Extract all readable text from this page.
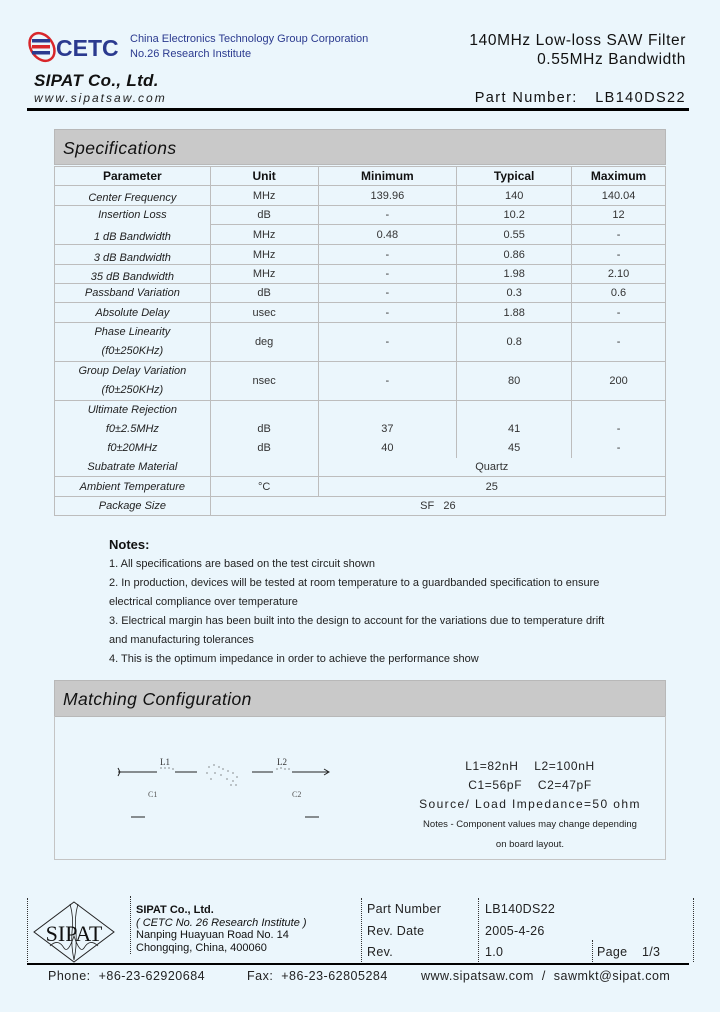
CETC China Electronics Technology Group Corporation
No.26 Research Institute
SIPAT Co., Ltd.
www.sipatsaw.com
140MHz Low-loss SAW Filter
0.55MHz Bandwidth
Part Number: LB140DS22
Specifications
Parameter	Unit	Minimum	Typical	Maximum
Center Frequency	MHz	139.96	140	140.04
Insertion Loss	dB	-	10.2	12
1 dB Bandwidth	MHz	0.48	0.55	-
3 dB Bandwidth	MHz	-	0.86	-
35 dB Bandwidth	MHz	-	1.98	2.10
Passband Variation	dB	-	0.3	0.6
Absolute Delay	usec	-	1.88	-

Phase Linearity
(f0±250KHz)	deg	-	0.8	-

Group Delay Variation
(f0±250KHz)	nsec	-	80	200
Ultimate Rejection				
f0±2.5MHz	dB	37	41	-
f0±20MHz	dB	40	45	-
Subatrate Material		Quartz		
Ambient Temperature	°C	25		
Package Size	SF   26			
Notes:
1. All specifications are based on the test circuit shown
2. In production, devices will be tested at room temperature to a guardbanded specification to ensure
electrical compliance over temperature
3. Electrical margin has been built into the design to account for the variations due to temperature drift
and manufacturing tolerances
4. This is the optimum impedance in order to achieve the performance show
Matching Configuration
L1	L2
C1	C2
L1=82nH    L2=100nH
C1=56pF    C2=47pF
Source/ Load Impedance=50 ohm
Notes - Component values may change depending
on board layout.
SIPAT
SIPAT Co., Ltd.
( CETC No. 26 Research Institute )
Nanping Huayuan Road No. 14
Chongqing, China, 400060
Part Number	LB140DS22
Rev. Date	2005-4-26
Rev.	1.0	Page 1/3
Phone:  +86-23-62920684	Fax:  +86-23-62805284	www.sipatsaw.com  /  sawmkt@sipat.com
